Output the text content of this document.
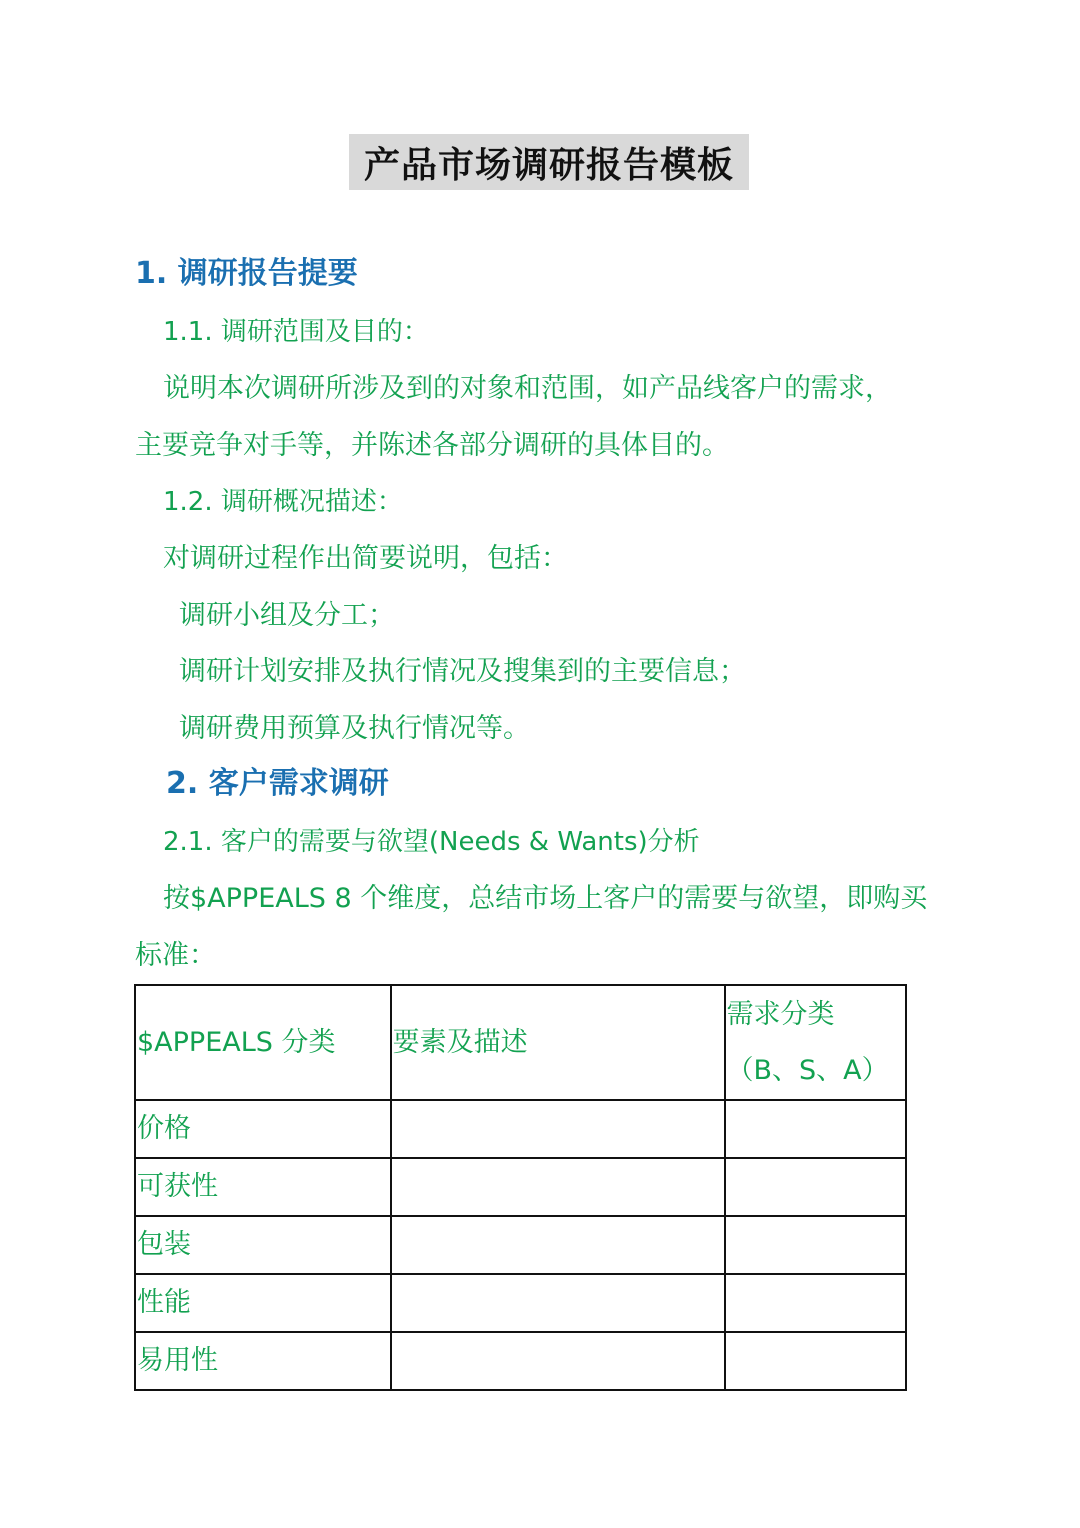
产品市场调研报告模板
1. 调研报告提要
1.1. 调研范围及目的：
说明本次调研所涉及到的对象和范围，如产品线客户的需求，
主要竞争对手等，并陈述各部分调研的具体目的。
1.2. 调研概况描述：
对调研过程作出简要说明，包括：
调研小组及分工；
调研计划安排及执行情况及搜集到的主要信息；
调研费用预算及执行情况等。
2. 客户需求调研
2.1. 客户的需要与欲望(Needs & Wants)分析
按$APPEALS 8 个维度，总结市场上客户的需要与欲望，即购买
标准：
$APPEALS 分类	要素及描述	需求分类（B、S、A）
价格		
可获性		
包装		
性能		
易用性		
